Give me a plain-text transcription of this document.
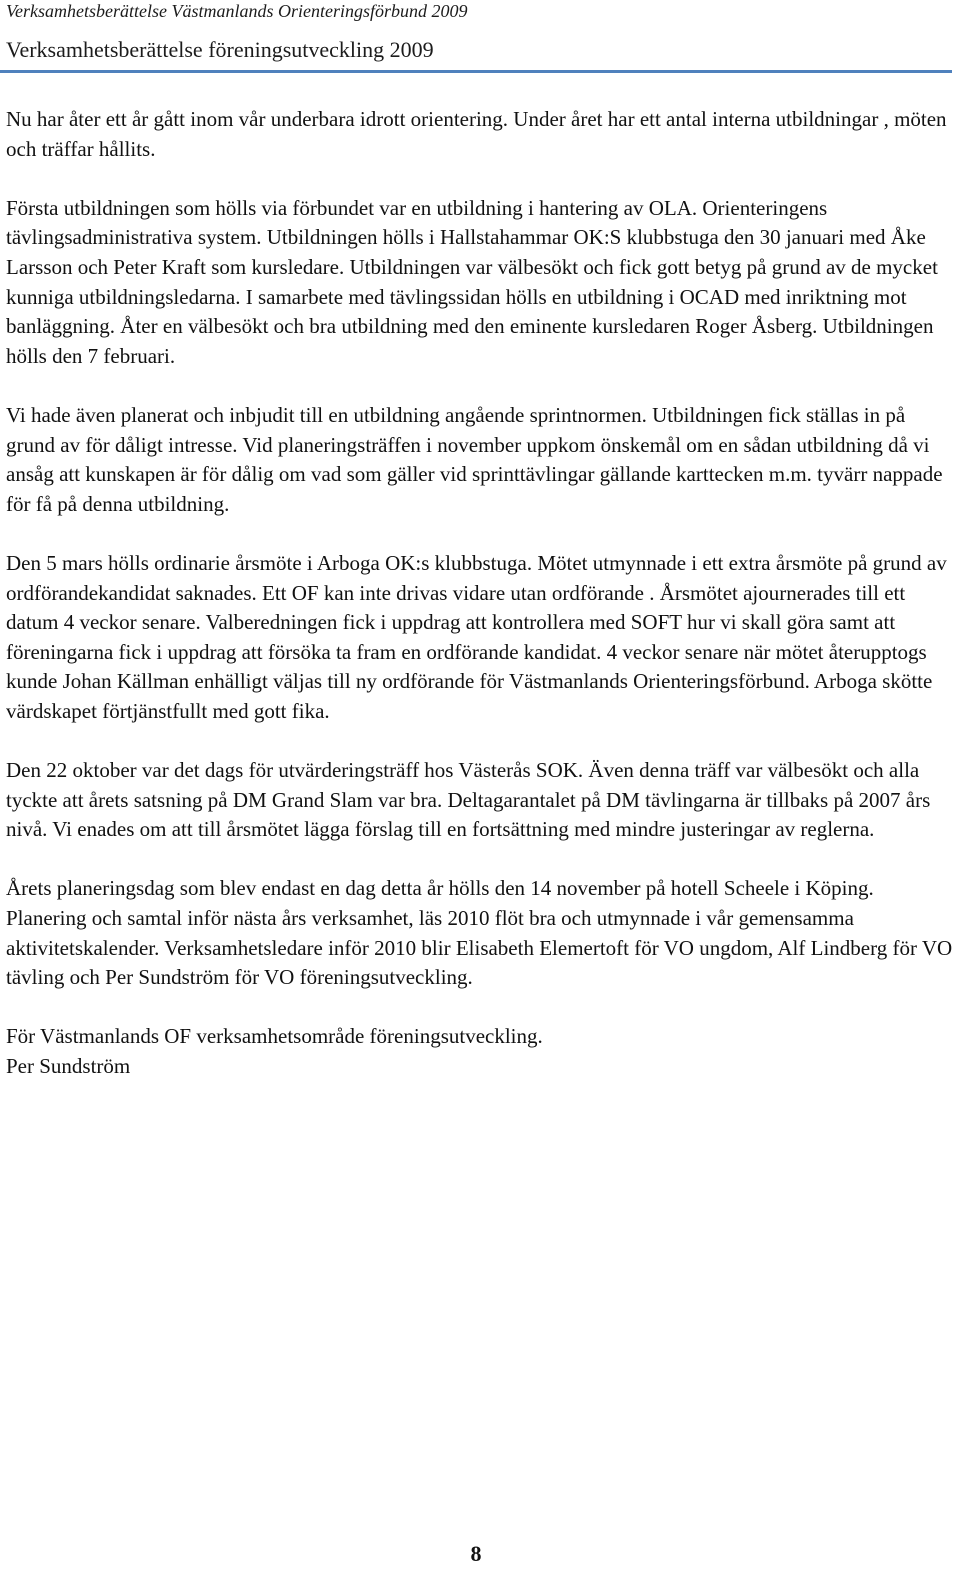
Verksamhetsberättelse Västmanlands Orienteringsförbund 2009
Verksamhetsberättelse föreningsutveckling 2009

Nu har åter ett år gått inom vår underbara idrott orientering. Under året har ett antal interna utbildningar , möten och träffar hållits.

Första utbildningen som hölls via förbundet var en utbildning i hantering av OLA. Orienteringens tävlingsadministrativa system. Utbildningen hölls i Hallstahammar OK:S klubbstuga den 30 januari med Åke Larsson och Peter Kraft som kursledare. Utbildningen var välbesökt och fick gott betyg på grund av de mycket kunniga utbildningsledarna. I samarbete med tävlingssidan hölls en utbildning i OCAD med inriktning mot banläggning. Åter en välbesökt och bra utbildning med den eminente kursledaren Roger Åsberg. Utbildningen hölls den 7 februari.

Vi hade även planerat och inbjudit till en utbildning angående sprintnormen. Utbildningen fick ställas in på grund av för dåligt intresse. Vid planeringsträffen i november uppkom önskemål om en sådan utbildning då vi ansåg att kunskapen är för dålig om vad som gäller vid sprinttävlingar gällande karttecken m.m. tyvärr nappade för få på denna utbildning.

Den 5 mars hölls ordinarie årsmöte i Arboga OK:s klubbstuga. Mötet utmynnade i ett extra årsmöte på grund av ordförandekandidat saknades. Ett OF kan inte drivas vidare utan ordförande . Årsmötet ajournerades till ett datum 4 veckor senare. Valberedningen fick i uppdrag att kontrollera med SOFT hur vi skall göra samt att föreningarna fick i uppdrag att försöka ta fram en ordförande kandidat. 4 veckor senare när mötet återupptogs kunde Johan Källman enhälligt väljas till ny ordförande för Västmanlands Orienteringsförbund. Arboga skötte värdskapet förtjänstfullt med gott fika.

Den 22 oktober var det dags för utvärderingsträff hos Västerås SOK. Även denna träff var välbesökt och alla tyckte att årets satsning på DM Grand Slam var bra. Deltagarantalet på DM tävlingarna är tillbaks på 2007 års nivå. Vi enades om att till årsmötet lägga förslag till en fortsättning med mindre justeringar av reglerna.

Årets planeringsdag som blev endast en dag detta år hölls den 14 november på hotell Scheele i Köping. Planering och samtal inför nästa års verksamhet, läs 2010 flöt bra och utmynnade i vår gemensamma aktivitetskalender. Verksamhetsledare inför 2010 blir Elisabeth Elemertoft för VO ungdom, Alf Lindberg för VO tävling och Per Sundström för VO föreningsutveckling.

För Västmanlands OF verksamhetsområde föreningsutveckling.
Per Sundström

8
